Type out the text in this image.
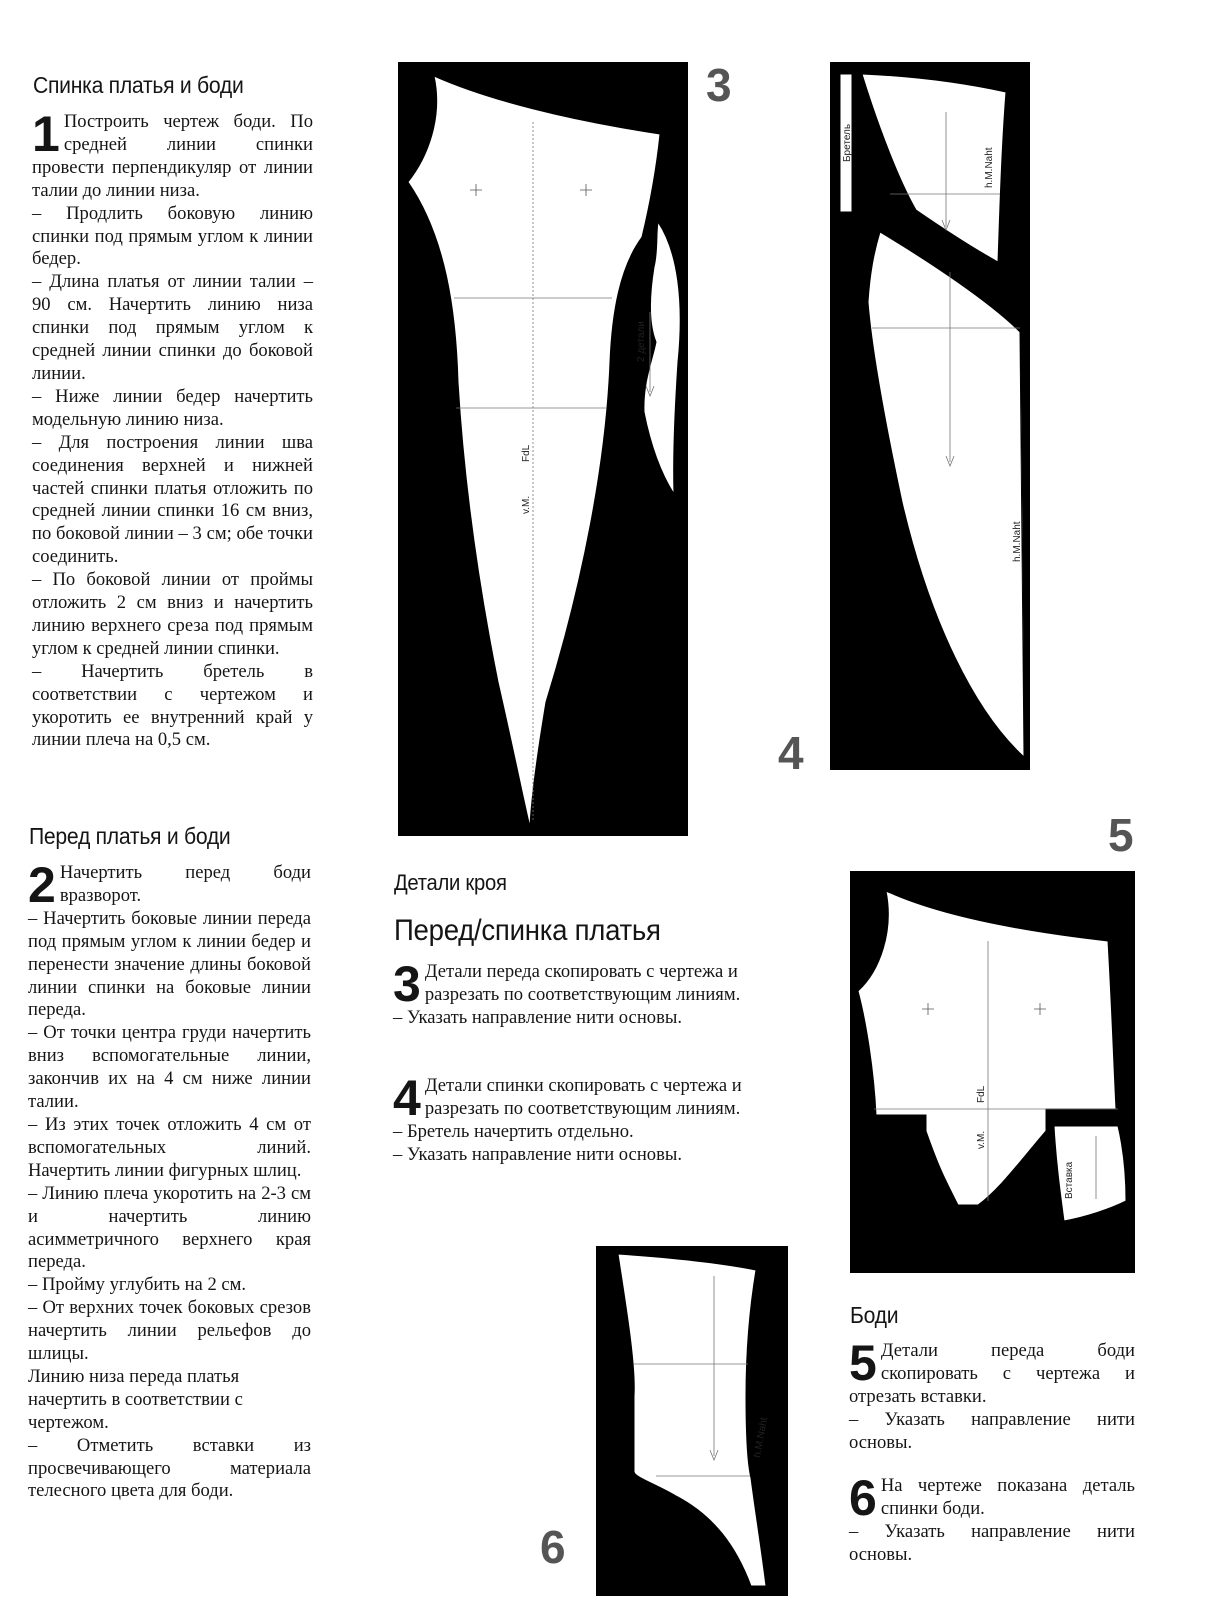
Спинка платья и боди

1 Построить чертеж боди. По средней линии спинки провести перпендикуляр от линии талии до линии низа.

– Продлить боковую линию спинки под прямым углом к линии бедер.

– Длина платья от линии талии – 90 см. Начертить линию низа спинки под прямым углом к средней линии спинки до боковой линии.

– Ниже линии бедер начертить модельную линию низа.

– Для построения линии шва соединения верхней и нижней частей спинки платья отложить по средней линии спинки 16 см вниз, по боковой линии – 3 см; обе точки соединить.

– По боковой линии от проймы отложить 2 см вниз и начертить линию верхнего среза под прямым углом к средней линии спинки.

– Начертить бретель в соответствии с чертежом и укоротить ее внутренний край у линии плеча на 0,5 см.

Перед платья и боди

2 Начертить перед боди вразворот.

– Начертить боковые линии переда под прямым углом к линии бедер и перенести значение длины боковой линии спинки на боковые линии переда.

– От точки центра груди начертить вниз вспомогательные линии, закончив их на 4 см ниже линии талии.

– Из этих точек отложить 4 см от вспомогательных линий. Начертить линии фигурных шлиц.

– Линию плеча укоротить на 2-3 см и начертить линию асимметричного верхнего края переда.

– Пройму углубить на 2 см.

– От верхних точек боковых срезов начертить линии рельефов до шлицы.

Линию низа переда платья начертить в соответствии с чертежом.

– Отметить вставки из просвечивающего материала телесного цвета для боди.

Детали кроя
Перед/спинка платья

3 Детали переда скопировать с чертежа и разрезать по соответствующим линиям.

– Указать направление нити основы.

4 Детали спинки скопировать с чертежа и разрезать по соответствующим линиям.

– Бретель начертить отдельно.

– Указать направление нити основы.

Боди

5 Детали переда боди скопировать с чертежа и отрезать вставки.

– Указать направление нити основы.

6 На чертеже показана деталь спинки боди.

– Указать направление нити основы.

2 детали
FdL
v.M.
3
Бретель
h.M.Naht
h.M.Naht
4
5
FdL
v.M.
Вставка
h.M.Naht
6
